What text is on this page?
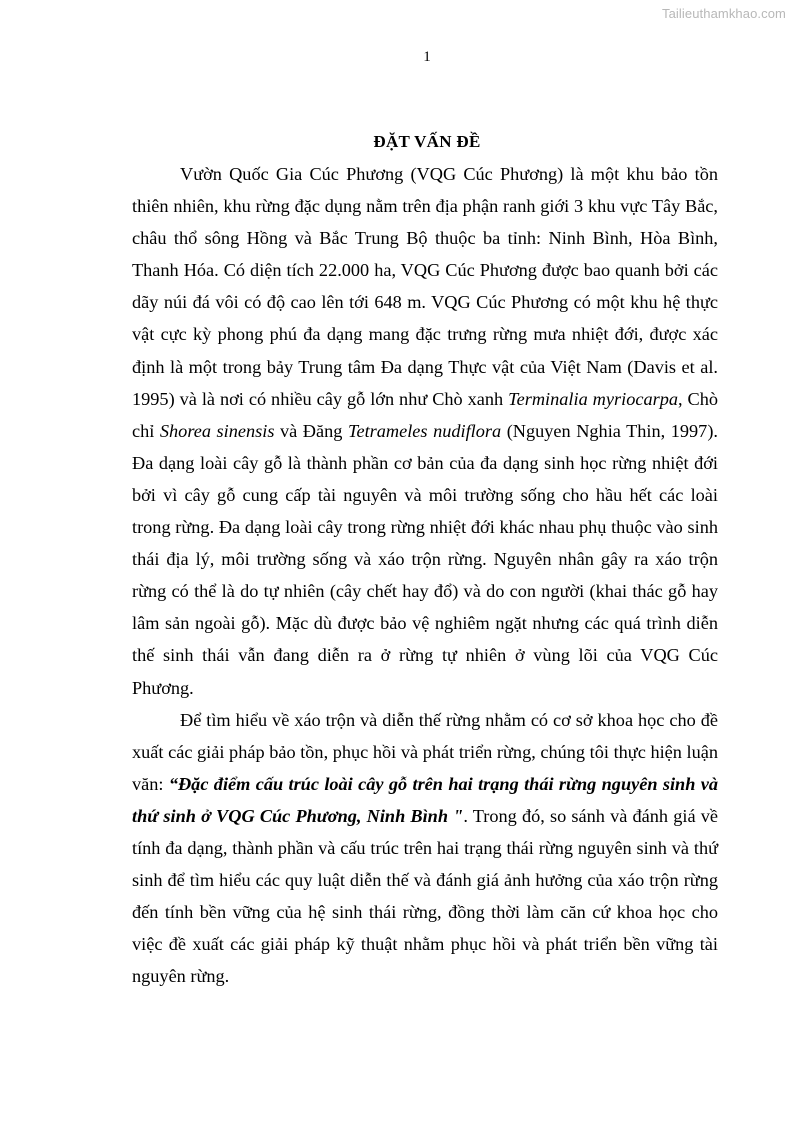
Tailieuthamkhao.com
1
ĐẶT VẤN ĐỀ

Vườn Quốc Gia Cúc Phương (VQG Cúc Phương) là một khu bảo tồn thiên nhiên, khu rừng đặc dụng nằm trên địa phận ranh giới 3 khu vực Tây Bắc, châu thổ sông Hồng và Bắc Trung Bộ thuộc ba tỉnh: Ninh Bình, Hòa Bình, Thanh Hóa. Có diện tích 22.000 ha, VQG Cúc Phương được bao quanh bởi các dãy núi đá vôi có độ cao lên tới 648 m. VQG Cúc Phương có một khu hệ thực vật cực kỳ phong phú đa dạng mang đặc trưng rừng mưa nhiệt đới, được xác định là một trong bảy Trung tâm Đa dạng Thực vật của Việt Nam (Davis et al. 1995) và là nơi có nhiều cây gỗ lớn như Chò xanh Terminalia myriocarpa, Chò chỉ Shorea sinensis và Đăng Tetrameles nudiflora (Nguyen Nghia Thin, 1997). Đa dạng loài cây gỗ là thành phần cơ bản của đa dạng sinh học rừng nhiệt đới bởi vì cây gỗ cung cấp tài nguyên và môi trường sống cho hầu hết các loài trong rừng. Đa dạng loài cây trong rừng nhiệt đới khác nhau phụ thuộc vào sinh thái địa lý, môi trường sống và xáo trộn rừng. Nguyên nhân gây ra xáo trộn rừng có thể là do tự nhiên (cây chết hay đổ) và do con người (khai thác gỗ hay lâm sản ngoài gỗ). Mặc dù được bảo vệ nghiêm ngặt nhưng các quá trình diễn thế sinh thái vẫn đang diễn ra ở rừng tự nhiên ở vùng lõi của VQG Cúc Phương.

Để tìm hiểu về xáo trộn và diễn thế rừng nhằm có cơ sở khoa học cho đề xuất các giải pháp bảo tồn, phục hồi và phát triển rừng, chúng tôi thực hiện luận văn: “Đặc điểm cấu trúc loài cây gỗ trên hai trạng thái rừng nguyên sinh và thứ sinh ở VQG Cúc Phương, Ninh Bình ". Trong đó, so sánh và đánh giá về tính đa dạng, thành phần và cấu trúc trên hai trạng thái rừng nguyên sinh và thứ sinh để tìm hiểu các quy luật diễn thế và đánh giá ảnh hưởng của xáo trộn rừng đến tính bền vững của hệ sinh thái rừng, đồng thời làm căn cứ khoa học cho việc đề xuất các giải pháp kỹ thuật nhằm phục hồi và phát triển bền vững tài nguyên rừng.
